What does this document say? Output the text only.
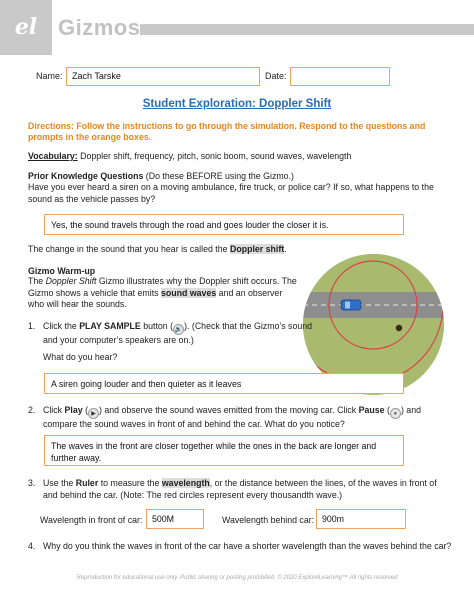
el Gizmos
Name:	Zach Tarske	Date:
Student Exploration: Doppler Shift
Directions: Follow the instructions to go through the simulation. Respond to the questions and prompts in the orange boxes.
Vocabulary: Doppler shift, frequency, pitch, sonic boom, sound waves, wavelength
Prior Knowledge Questions (Do these BEFORE using the Gizmo.)
Have you ever heard a siren on a moving ambulance, fire truck, or police car? If so, what happens to the sound as the vehicle passes by?
Yes, the sound travels through the road and goes louder the closer it is.
The change in the sound that you hear is called the Doppler shift.
Gizmo Warm-up
The Doppler Shift Gizmo illustrates why the Doppler shift occurs. The Gizmo shows a vehicle that emits sound waves and an observer who will hear the sounds.
1. Click the PLAY SAMPLE button ( 🔊 ). (Check that the Gizmo’s sound and your computer’s speakers are on.)
What do you hear?
A siren going louder and then quieter as it leaves
2. Click Play ( ▶ ) and observe the sound waves emitted from the moving car. Click Pause ( ⏸ ) and compare the sound waves in front of and behind the car. What do you notice?
The waves in the front are closer together while the ones in the back are longer and further away.
3. Use the Ruler to measure the wavelength, or the distance between the lines, of the waves in front of and behind the car. (Note: The red circles represent every thousandth wave.)
Wavelength in front of car:	500M	Wavelength behind car: 900m
4. Why do you think the waves in front of the car have a shorter wavelength than the waves behind the car?
Reproduction for educational use only. Public sharing or posting prohibited. © 2020 ExploreLearning™ All rights reserved
